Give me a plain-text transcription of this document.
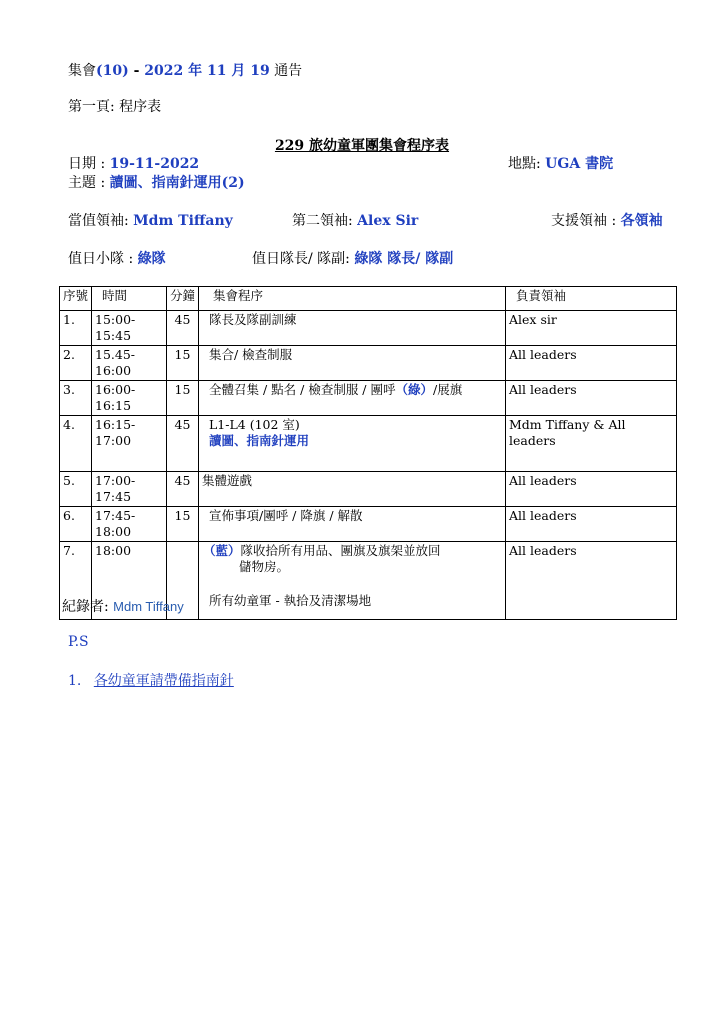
集會(10) - 2022 年 11 月 19 通告
第一頁: 程序表
229 旅幼童軍團集會程序表
日期 : 19-11-2022	地點: UGA 書院
主題 : 讀圖、指南針運用(2)
當值領袖: Mdm Tiffany	第二領袖: Alex Sir	支援領袖 : 各領袖
值日小隊 : 綠隊	值日隊長/ 隊副: 綠隊 隊長/ 隊副
序號	時間	分鐘	集會程序	負責領袖
1.	15:00-15:45	45	隊長及隊副訓練	Alex sir
2.	15.45-16:00	15	集合/ 檢查制服	All leaders
3.	16:00-16:15	15	全體召集 / 點名 / 檢查制服 / 團呼（綠）/展旗	All leaders
4.	16:15-17:00	45	L1-L4 (102 室)
讀圖、指南針運用	Mdm Tiffany & All leaders
5.	17:00-17:45	45	集體遊戲	All leaders
6.	17:45-18:00	15	宣佈事項/團呼 / 降旗 / 解散	All leaders
7.	18:00		（藍）隊收拾所有用品、團旗及旗架並放回
儲物房。
所有幼童軍 - 執拾及清潔場地	All leaders
紀錄者: Mdm Tiffany
P.S
1. 各幼童軍請帶備指南針
